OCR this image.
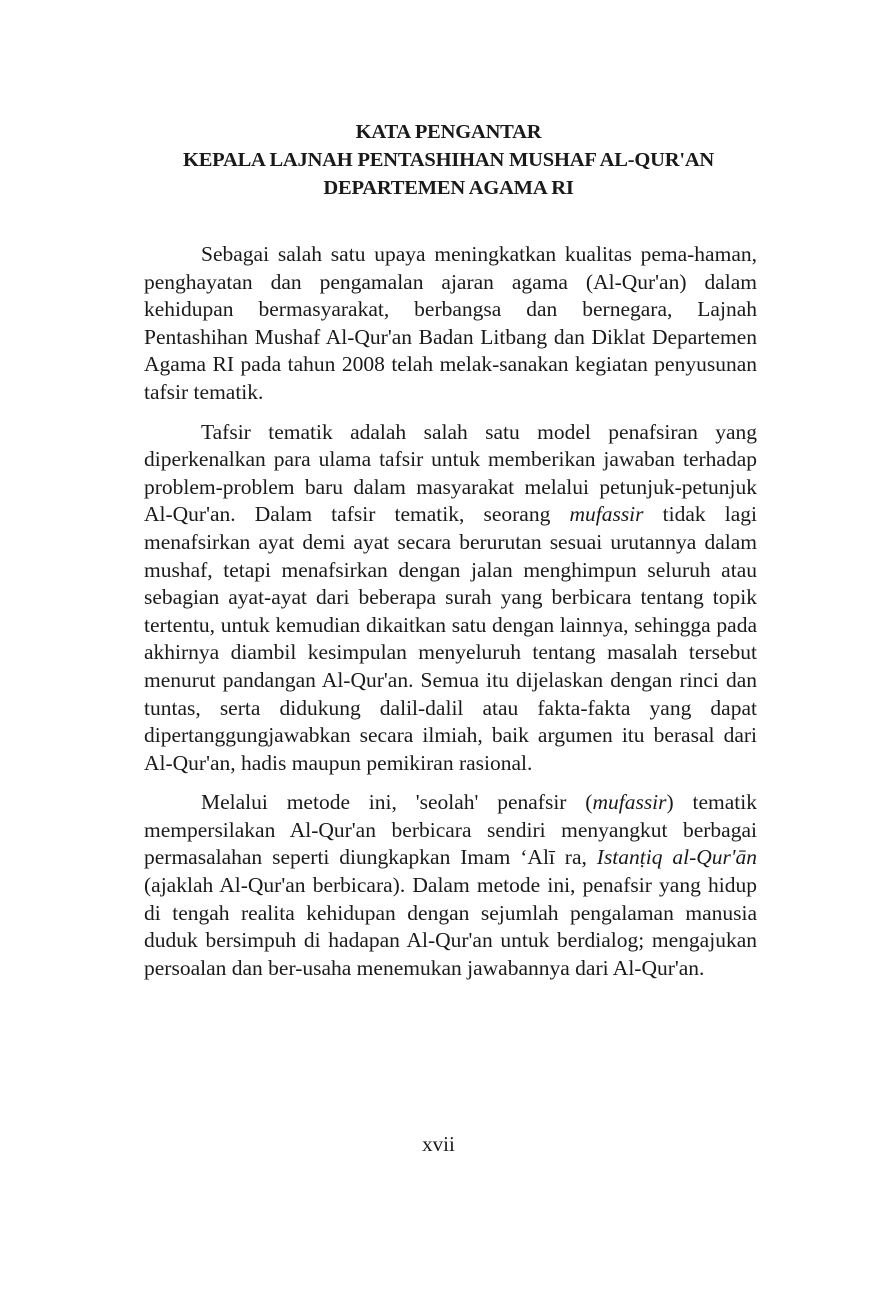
KATA PENGANTAR
KEPALA LAJNAH PENTASHIHAN MUSHAF AL-QUR'AN
DEPARTEMEN AGAMA RI

Sebagai salah satu upaya meningkatkan kualitas pema-haman, penghayatan dan pengamalan ajaran agama (Al-Qur'an) dalam kehidupan bermasyarakat, berbangsa dan bernegara, Lajnah Pentashihan Mushaf Al-Qur'an Badan Litbang dan Diklat Departemen Agama RI pada tahun 2008 telah melak-sanakan kegiatan penyusunan tafsir tematik.

Tafsir tematik adalah salah satu model penafsiran yang diperkenalkan para ulama tafsir untuk memberikan jawaban terhadap problem-problem baru dalam masyarakat melalui petunjuk-petunjuk Al-Qur'an. Dalam tafsir tematik, seorang mufassir tidak lagi menafsirkan ayat demi ayat secara berurutan sesuai urutannya dalam mushaf, tetapi menafsirkan dengan jalan menghimpun seluruh atau sebagian ayat-ayat dari beberapa surah yang berbicara tentang topik tertentu, untuk kemudian dikaitkan satu dengan lainnya, sehingga pada akhirnya diambil kesimpulan menyeluruh tentang masalah tersebut menurut pandangan Al-Qur'an. Semua itu dijelaskan dengan rinci dan tuntas, serta didukung dalil-dalil atau fakta-fakta yang dapat dipertanggungjawabkan secara ilmiah, baik argumen itu berasal dari Al-Qur'an, hadis maupun pemikiran rasional.

Melalui metode ini, 'seolah' penafsir (mufassir) tematik mempersilakan Al-Qur'an berbicara sendiri menyangkut berbagai permasalahan seperti diungkapkan Imam ‘Alī ra, Istanṭiq al-Qur'ān (ajaklah Al-Qur'an berbicara). Dalam metode ini, penafsir yang hidup di tengah realita kehidupan dengan sejumlah pengalaman manusia duduk bersimpuh di hadapan Al-Qur'an untuk berdialog; mengajukan persoalan dan ber-usaha menemukan jawabannya dari Al-Qur'an.

xvii
